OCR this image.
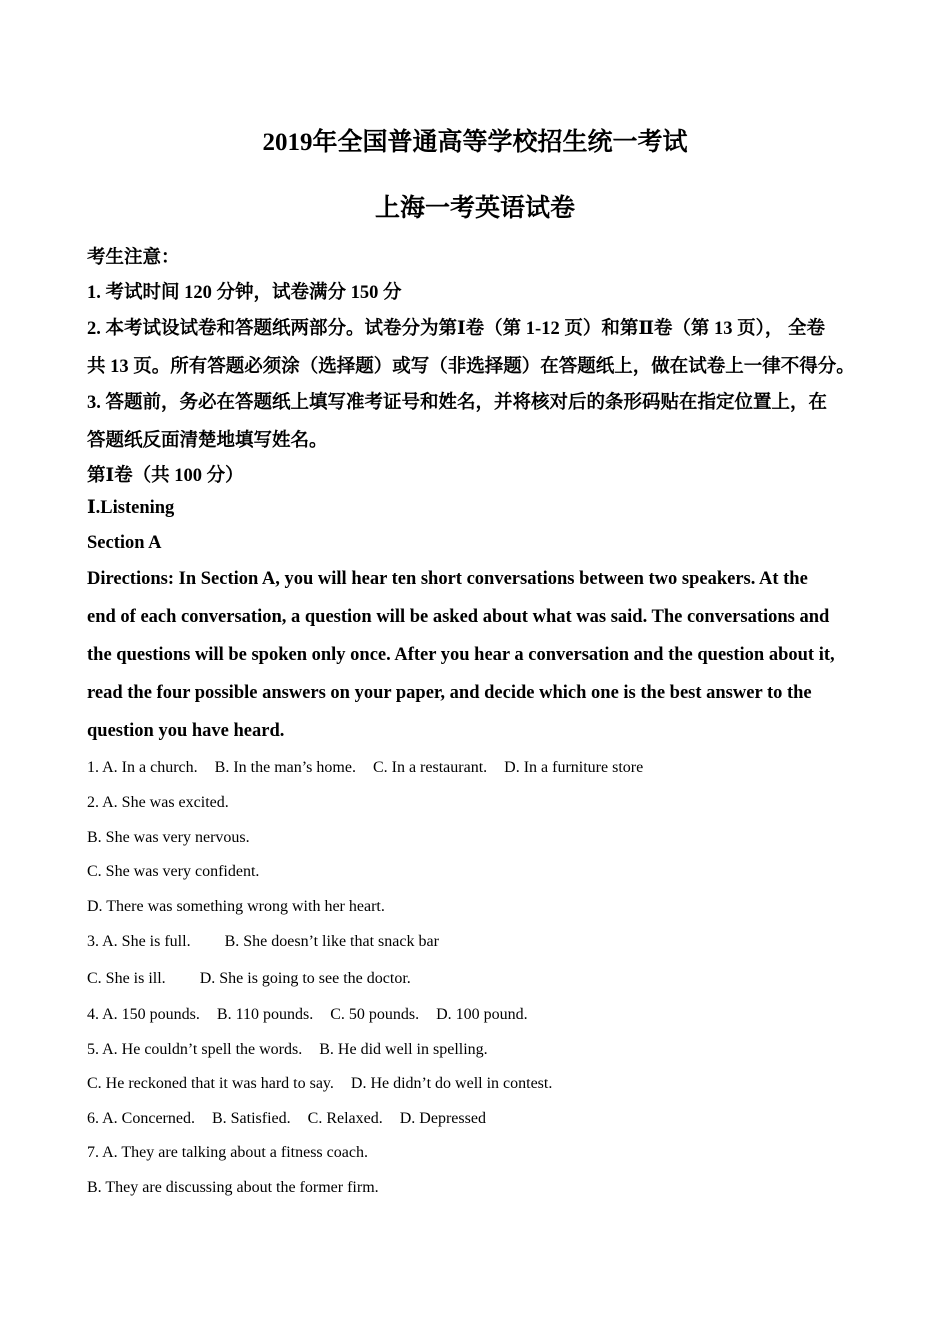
2019年全国普通高等学校招生统一考试
上海一考英语试卷
考生注意：
1. 考试时间 120 分钟，试卷满分 150 分
2. 本考试设试卷和答题纸两部分。试卷分为第Ⅰ卷（第 1-12 页）和第Ⅱ卷（第 13 页）， 全卷
共 13 页。所有答题必须涂（选择题）或写（非选择题）在答题纸上，做在试卷上一律不得分。
3. 答题前，务必在答题纸上填写准考证号和姓名，并将核对后的条形码贴在指定位置上，在
答题纸反面清楚地填写姓名。
第Ⅰ卷（共 100 分）
Ⅰ.Listening
Section A
Directions: In Section A, you will hear ten short conversations between two speakers. At the
end of each conversation, a question will be asked about what was said. The conversations and
the questions will be spoken only once. After you hear a conversation and the question about it,
read the four possible answers on your paper, and decide which one is the best answer to the
question you have heard.
1. A. In a church. B. In the man’s home. C. In a restaurant. D. In a furniture store
2. A. She was excited.
B. She was very nervous.
C. She was very confident.
D. There was something wrong with her heart.
3. A. She is full. B. She doesn’t like that snack bar
C. She is ill. D. She is going to see the doctor.
4. A. 150 pounds. B. 110 pounds. C. 50 pounds. D. 100 pound.
5. A. He couldn’t spell the words. B. He did well in spelling.
C. He reckoned that it was hard to say. D. He didn’t do well in contest.
6. A. Concerned. B. Satisfied. C. Relaxed. D. Depressed
7. A. They are talking about a fitness coach.
B. They are discussing about the former firm.
